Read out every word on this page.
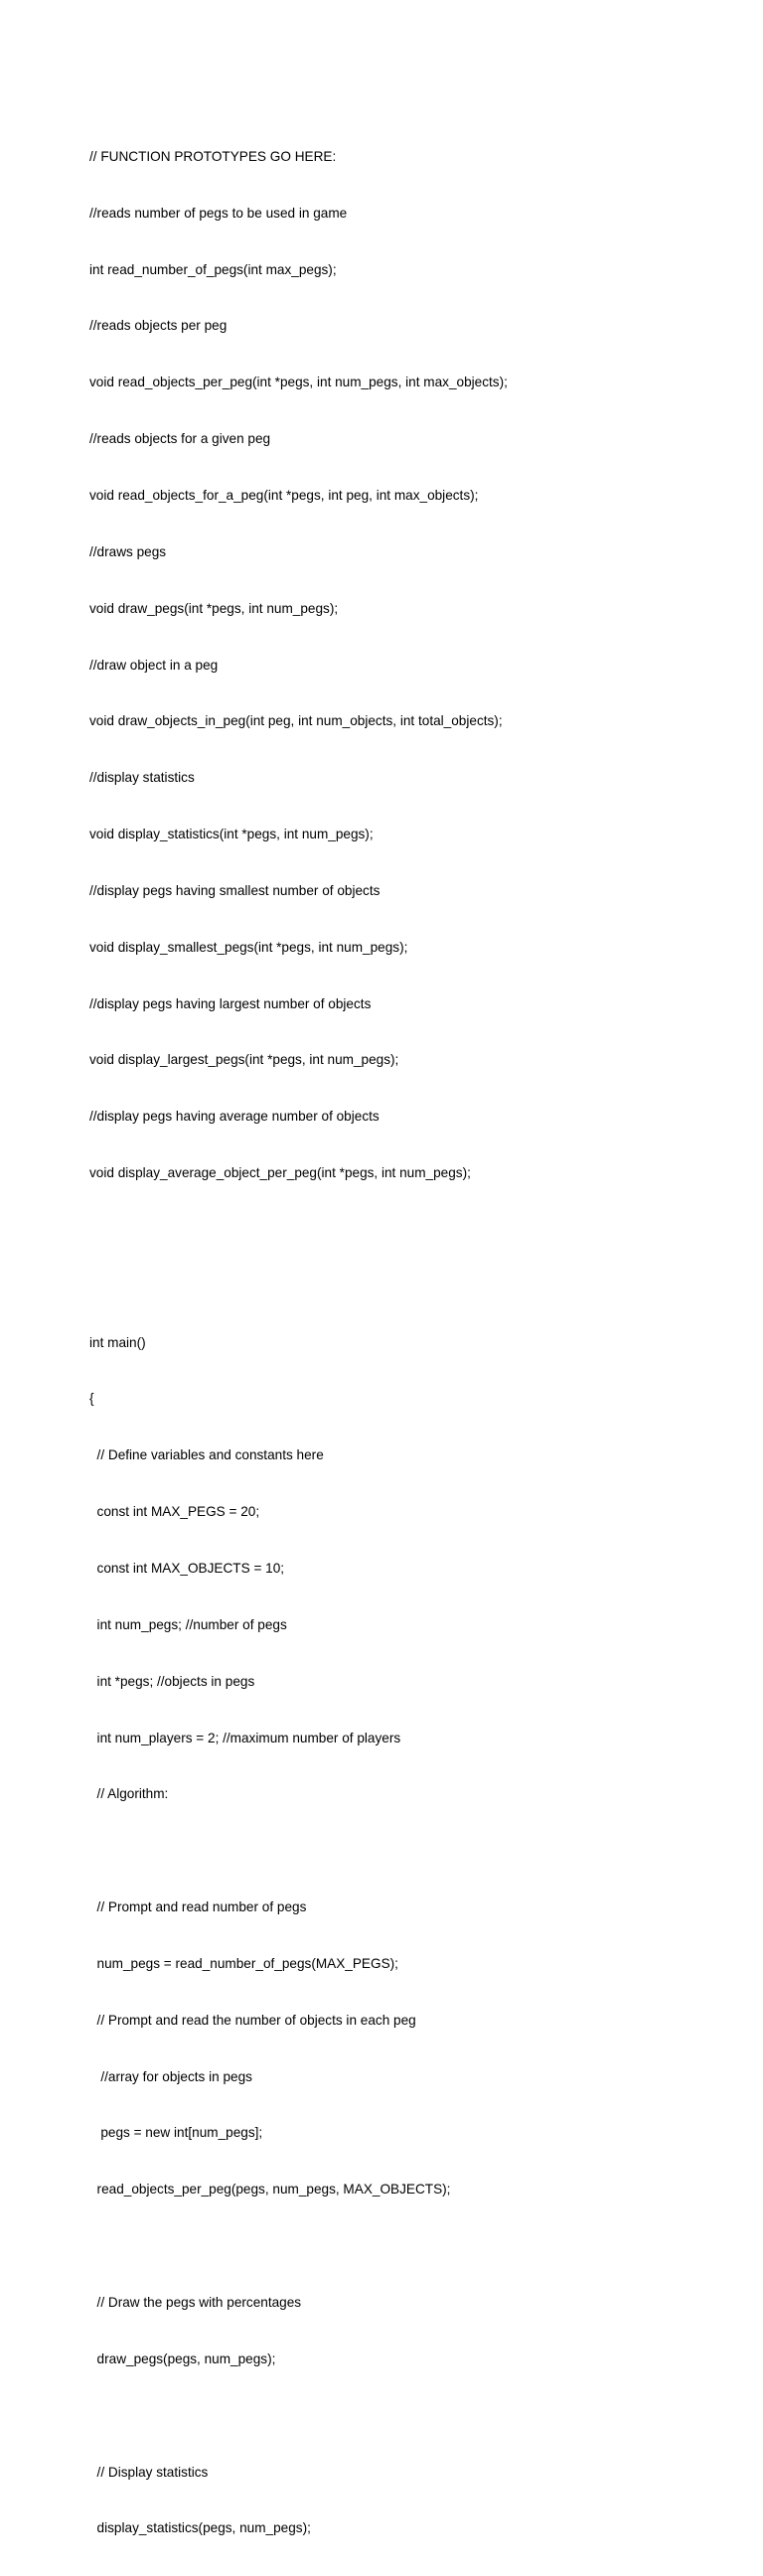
// FUNCTION PROTOTYPES GO HERE:

//reads number of pegs to be used in game

int read_number_of_pegs(int max_pegs);

//reads objects per peg

void read_objects_per_peg(int *pegs, int num_pegs, int max_objects);

//reads objects for a given peg

void read_objects_for_a_peg(int *pegs, int peg, int max_objects);

//draws pegs

void draw_pegs(int *pegs, int num_pegs);

//draw object in a peg

void draw_objects_in_peg(int peg, int num_objects, int total_objects);

//display statistics

void display_statistics(int *pegs, int num_pegs);

//display pegs having smallest number of objects

void display_smallest_pegs(int *pegs, int num_pegs);

//display pegs having largest number of objects

void display_largest_pegs(int *pegs, int num_pegs);

//display pegs having average number of objects

void display_average_object_per_peg(int *pegs, int num_pegs);

int main()

{

// Define variables and constants here

const int MAX_PEGS = 20;

const int MAX_OBJECTS = 10;

int num_pegs; //number of pegs

int *pegs; //objects in pegs

int num_players = 2; //maximum number of players

// Algorithm:

// Prompt and read number of pegs

num_pegs = read_number_of_pegs(MAX_PEGS);

// Prompt and read the number of objects in each peg

//array for objects in pegs

pegs = new int[num_pegs];

read_objects_per_peg(pegs, num_pegs, MAX_OBJECTS);

// Draw the pegs with percentages

draw_pegs(pegs, num_pegs);

// Display statistics

display_statistics(pegs, num_pegs);
